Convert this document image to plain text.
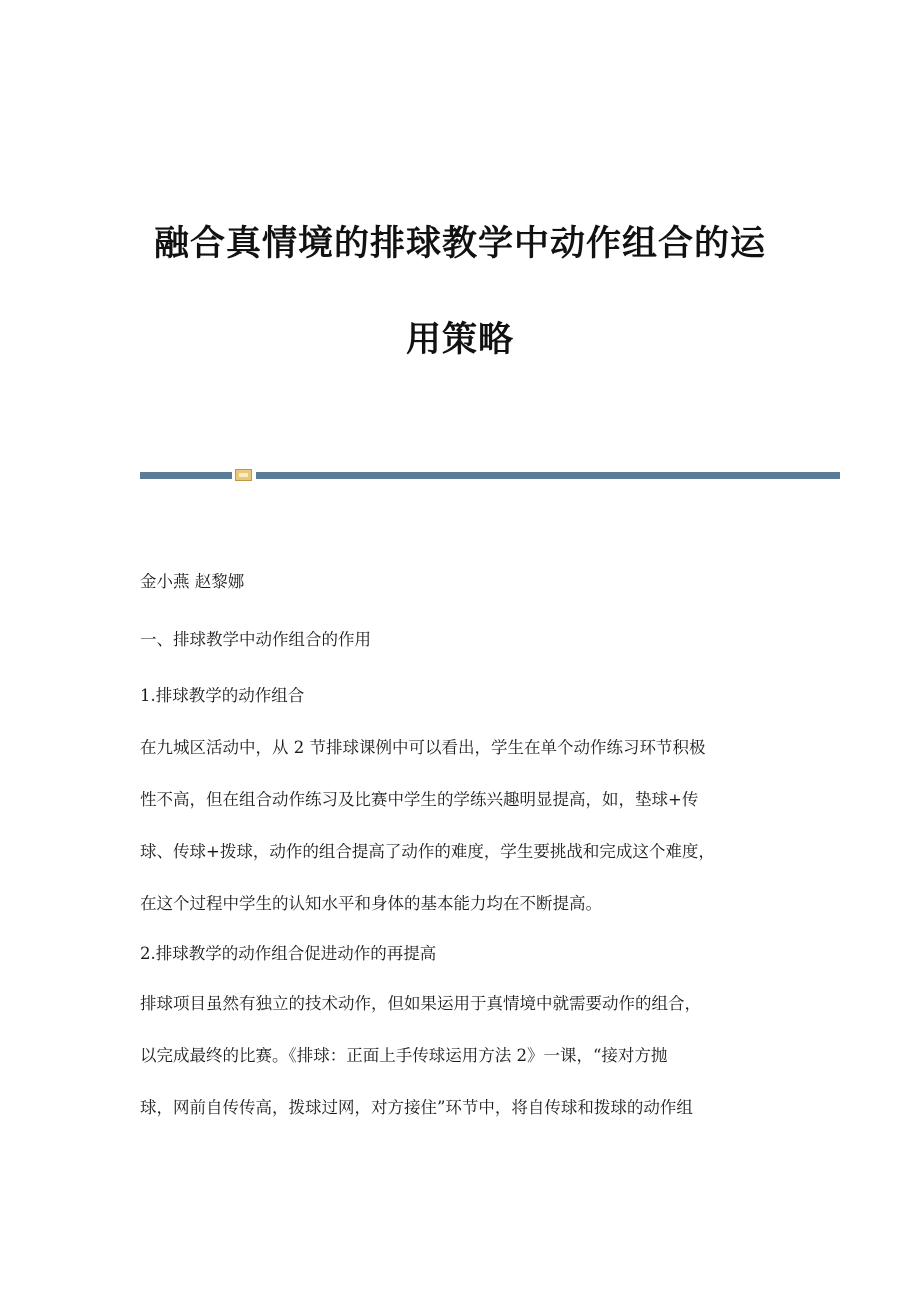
融合真情境的排球教学中动作组合的运
用策略

金小燕 赵黎娜

一、排球教学中动作组合的作用

1.排球教学的动作组合

在九城区活动中，从 2 节排球课例中可以看出，学生在单个动作练习环节积极
性不高，但在组合动作练习及比赛中学生的学练兴趣明显提高，如，垫球+传
球、传球+拨球，动作的组合提高了动作的难度，学生要挑战和完成这个难度，
在这个过程中学生的认知水平和身体的基本能力均在不断提高。

2.排球教学的动作组合促进动作的再提高

排球项目虽然有独立的技术动作，但如果运用于真情境中就需要动作的组合，
以完成最终的比赛。《排球：正面上手传球运用方法 2》一课，“接对方抛
球，网前自传传高，拨球过网，对方接住”环节中，将自传球和拨球的动作组
